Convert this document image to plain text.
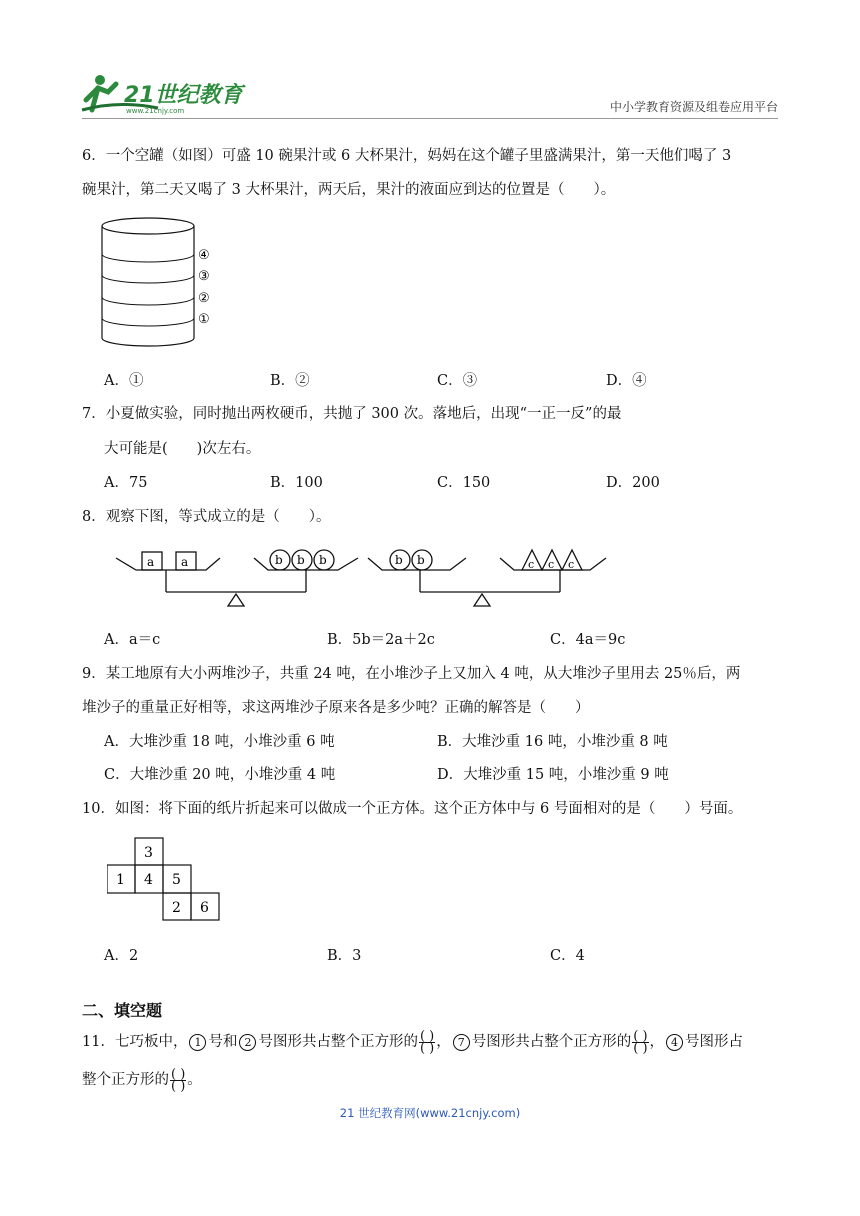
21世纪教育
www.21cnjy.com	中小学教育资源及组卷应用平台
6．一个空罐（如图）可盛 10 碗果汁或 6 大杯果汁，妈妈在这个罐子里盛满果汁，第一天他们喝了 3
碗果汁，第二天又喝了 3 大杯果汁，两天后，果汁的液面应到达的位置是（　　）。
④
③
②
①
A．①	B．②	C．③	D．④
7．小夏做实验，同时抛出两枚硬币，共抛了 300 次。落地后，出现“一正一反”的最
大可能是(　　)次左右。
A．75	B．100	C．150	D．200
8．观察下图，等式成立的是（　　）。
a a	b b b	b b	c c c
A．a＝c	B．5b＝2a＋2c	C．4a＝9c
9．某工地原有大小两堆沙子，共重 24 吨，在小堆沙子上又加入 4 吨，从大堆沙子里用去 25％后，两
堆沙子的重量正好相等，求这两堆沙子原来各是多少吨？正确的解答是（　　）
A．大堆沙重 18 吨，小堆沙重 6 吨	B．大堆沙重 16 吨，小堆沙重 8 吨
C．大堆沙重 20 吨，小堆沙重 4 吨	D．大堆沙重 15 吨，小堆沙重 9 吨
10．如图：将下面的纸片折起来可以做成一个正方体。这个正方体中与 6 号面相对的是（　　）号面。
3
1 4 5
2 6
A．2	B．3	C．4
二、填空题
11．七巧板中， 1 号和 2 号图形共占整个正方形的 $\frac{( )}{( )}$ ， 7 号图形共占整个正方形的 $\frac{( )}{( )}$ ， 4 号图形占
整个正方形的 $\frac{( )}{( )}$ 。
21 世纪教育网(www.21cnjy.com)
